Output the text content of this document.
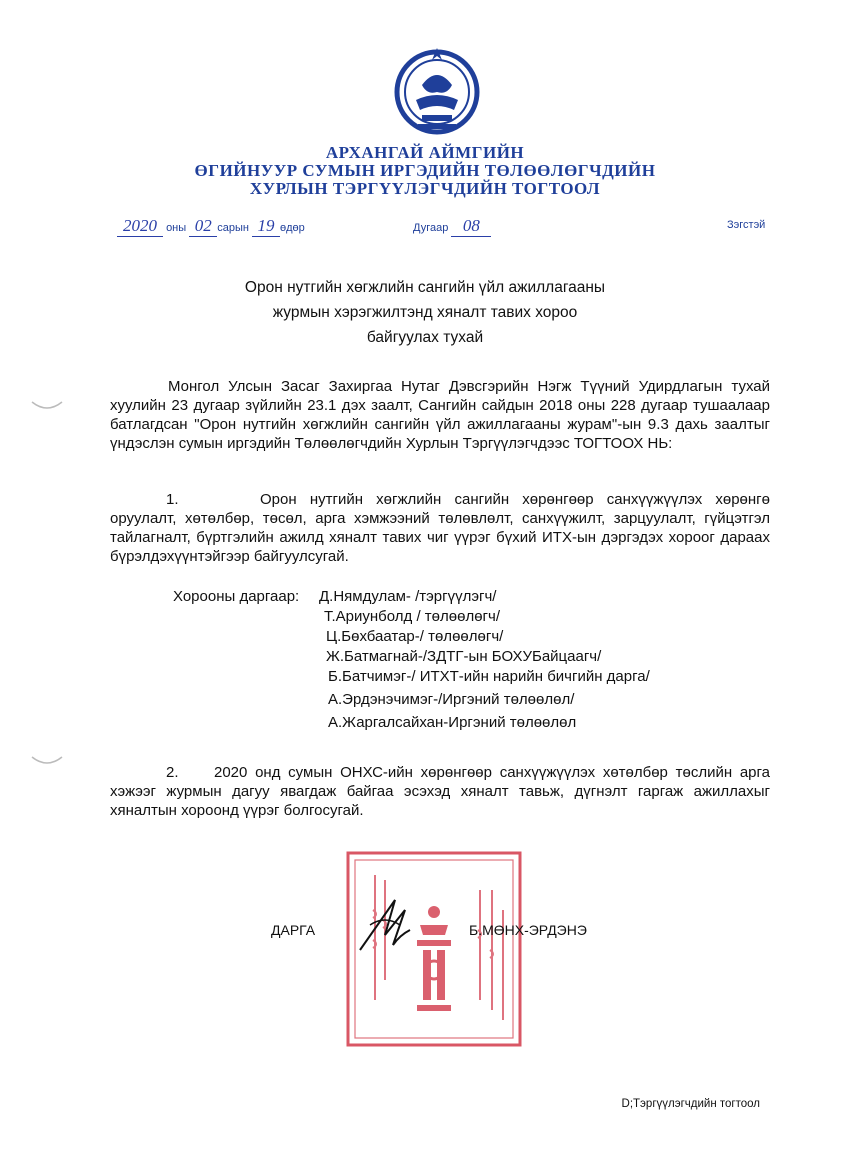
АРХАНГАЙ АЙМГИЙН
ӨГИЙНУУР СУМЫН ИРГЭДИЙН ТӨЛӨӨЛӨГЧДИЙН
ХУРЛЫН ТЭРГҮҮЛЭГЧДИЙН ТОГТООЛ
2020 оны 02 сарын 19 өдөр	Дугаар 08	Зэгстэй
Орон нутгийн хөгжлийн сангийн үйл ажиллагааны
журмын хэрэгжилтэнд хяналт тавих хороо
байгуулах тухай
Монгол Улсын Засаг Захиргаа Нутаг Дэвсгэрийн Нэгж Түүний Удирдлагын тухай хуулийн 23 дугаар зүйлийн 23.1 дэх заалт, Сангийн сайдын 2018 оны 228 дугаар тушаалаар батлагдсан "Орон нутгийн хөгжлийн сангийн үйл ажиллагааны журам"-ын 9.3 дахь заалтыг үндэслэн сумын иргэдийн Төлөөлөгчдийн Хурлын Тэргүүлэгчдээс ТОГТООХ НЬ:
1.	Орон нутгийн хөгжлийн сангийн хөрөнгөөр санхүүжүүлэх хөрөнгө оруулалт, хөтөлбөр, төсөл, арга хэмжээний төлөвлөлт, санхүүжилт, зарцуулалт, гүйцэтгэл тайлагналт, бүртгэлийн ажилд хяналт тавих чиг үүрэг бүхий ИТХ-ын дэргэдэх хороог дараах бүрэлдэхүүнтэйгээр байгуулсугай.
Хорооны даргаар: Д.Нямдулам- /тэргүүлэгч/
Т.Ариунболд / төлөөлөгч/
Ц.Бөхбаатар-/ төлөөлөгч/
Ж.Батмагнай-/ЗДТГ-ын БОХУБайцаагч/
Б.Батчимэг-/ ИТХТ-ийн нарийн бичгийн дарга/
А.Эрдэнэчимэг-/Иргэний төлөөлөл/
А.Жаргалсайхан-Иргэний төлөөлөл
2. 2020 онд сумын ОНХС-ийн хөрөнгөөр санхүүжүүлэх хөтөлбөр төслийн арга хэжээг журмын дагуу явагдаж байгаа эсэхэд хяналт тавьж, дүгнэлт гаргаж ажиллахыг хяналтын хороонд үүрэг болгосугай.
ДАРГА	Б.МӨНХ-ЭРДЭНЭ
D;Тэргүүлэгчдийн тогтоол
